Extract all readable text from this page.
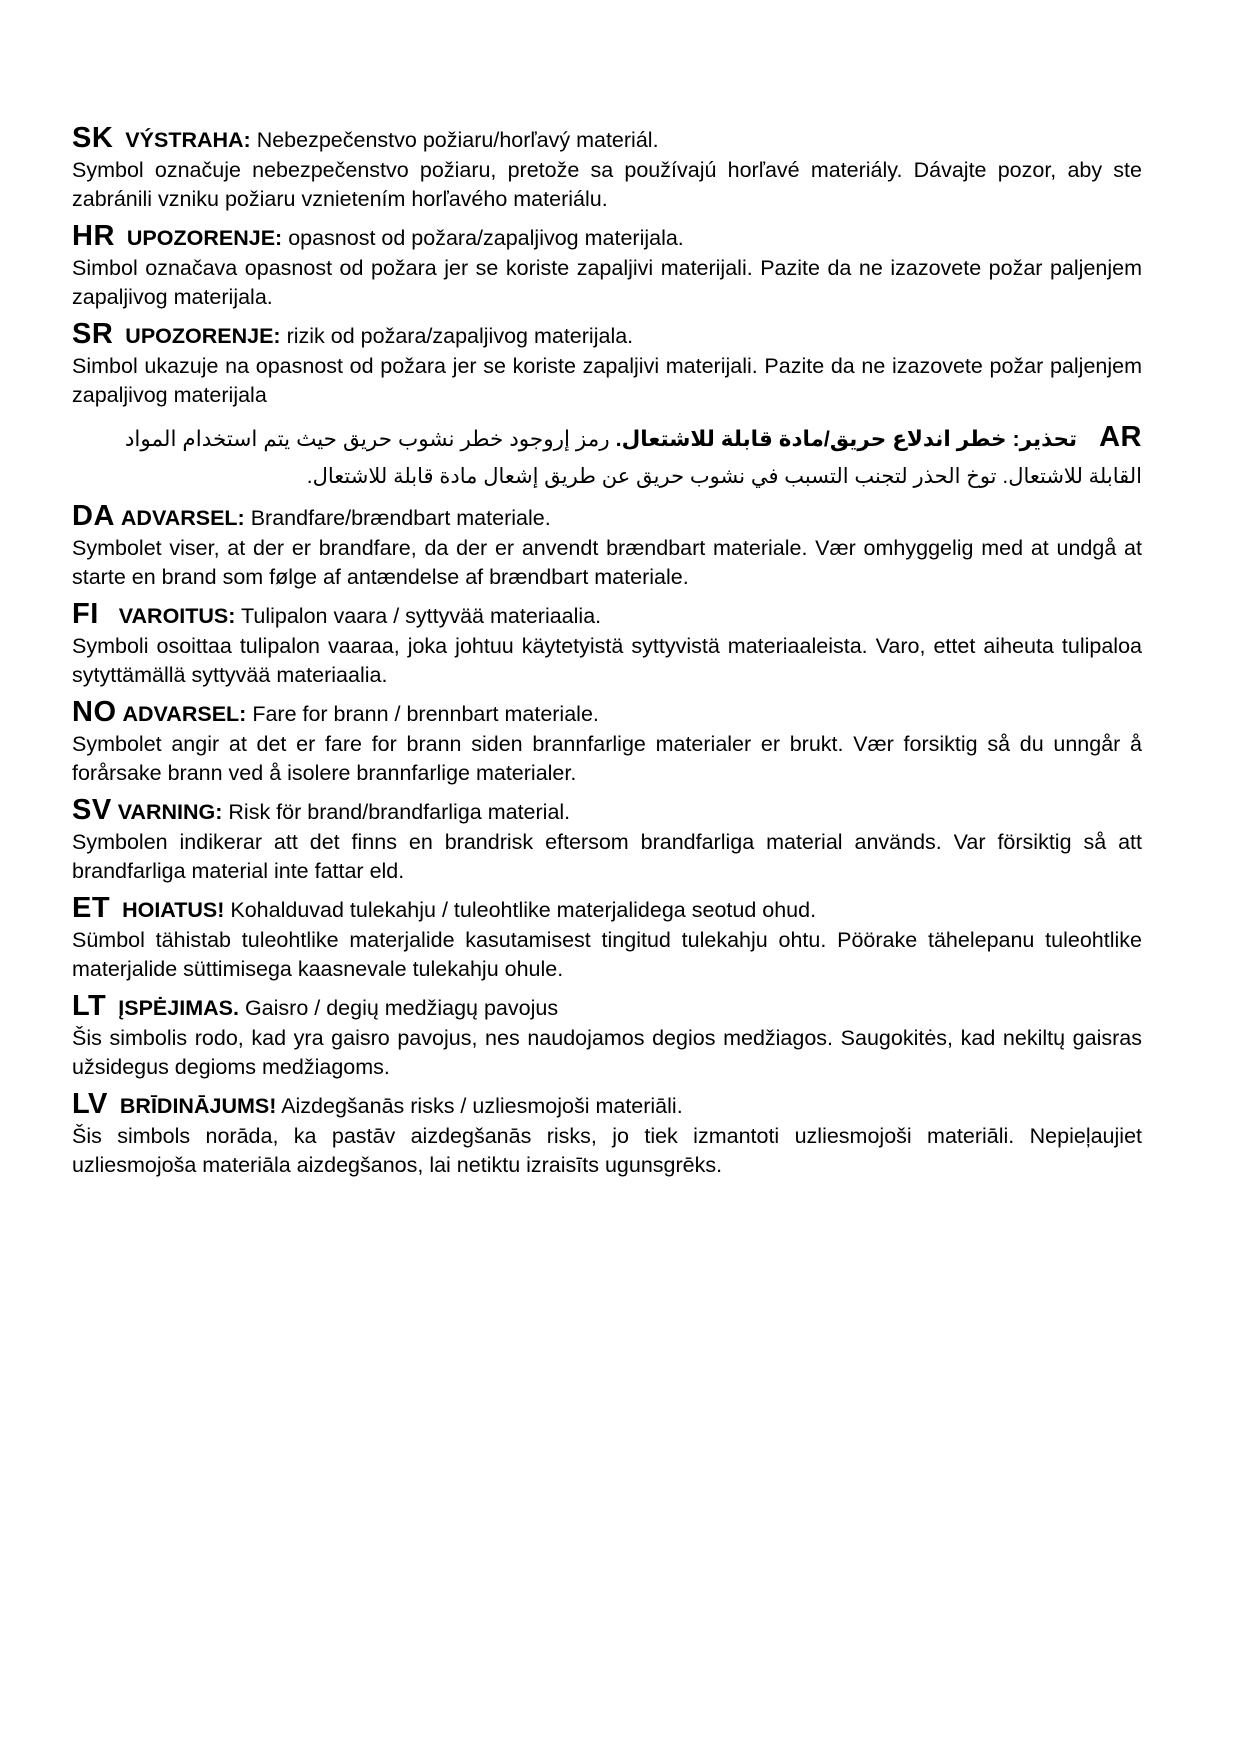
SK VÝSTRAHA: Nebezpečenstvo požiaru/horľavý materiál.
Symbol označuje nebezpečenstvo požiaru, pretože sa používajú horľavé materiály. Dávajte pozor, aby ste zabránili vzniku požiaru vznietením horľavého materiálu.
HR UPOZORENJE: opasnost od požara/zapaljivog materijala.
Simbol označava opasnost od požara jer se koriste zapaljivi materijali. Pazite da ne izazovete požar paljenjem zapaljivog materijala.
SR UPOZORENJE: rizik od požara/zapaljivog materijala.
Simbol ukazuje na opasnost od požara jer se koriste zapaljivi materijali. Pazite da ne izazovete požar paljenjem zapaljivog materijala
ARتحذير: خطر اندلاع حريق/مادة قابلة للاشتعال. رمز إروجود خطر نشوب حريق حيث يتم استخدام المواد
القابلة للاشتعال. توخ الحذر لتجنب التسبب في نشوب حريق عن طريق إشعال مادة قابلة للاشتعال.
DA ADVARSEL: Brandfare/brændbart materiale.
Symbolet viser, at der er brandfare, da der er anvendt brændbart materiale. Vær omhyggelig med at undgå at starte en brand som følge af antændelse af brændbart materiale.
FI VAROITUS: Tulipalon vaara / syttyvää materiaalia.
Symboli osoittaa tulipalon vaaraa, joka johtuu käytetyistä syttyvistä materiaaleista. Varo, ettet aiheuta tulipaloa sytyttämällä syttyvää materiaalia.
NO ADVARSEL: Fare for brann / brennbart materiale.
Symbolet angir at det er fare for brann siden brannfarlige materialer er brukt. Vær forsiktig så du unngår å forårsake brann ved å isolere brannfarlige materialer.
SV VARNING: Risk för brand/brandfarliga material.
Symbolen indikerar att det finns en brandrisk eftersom brandfarliga material används. Var försiktig så att brandfarliga material inte fattar eld.
ET HOIATUS! Kohalduvad tulekahju / tuleohtlike materjalidega seotud ohud.
Sümbol tähistab tuleohtlike materjalide kasutamisest tingitud tulekahju ohtu. Pöörake tähelepanu tuleohtlike materjalide süttimisega kaasnevale tulekahju ohule.
LT ĮSPĖJIMAS. Gaisro / degių medžiagų pavojus
Šis simbolis rodo, kad yra gaisro pavojus, nes naudojamos degios medžiagos. Saugokitės, kad nekiltų gaisras užsidegus degioms medžiagoms.
LV BRĪDINĀJUMS! Aizdegšanās risks / uzliesmojoši materiāli.
Šis simbols norāda, ka pastāv aizdegšanās risks, jo tiek izmantoti uzliesmojoši materiāli. Nepieļaujiet uzliesmojoša materiāla aizdegšanos, lai netiktu izraisīts ugunsgrēks.
